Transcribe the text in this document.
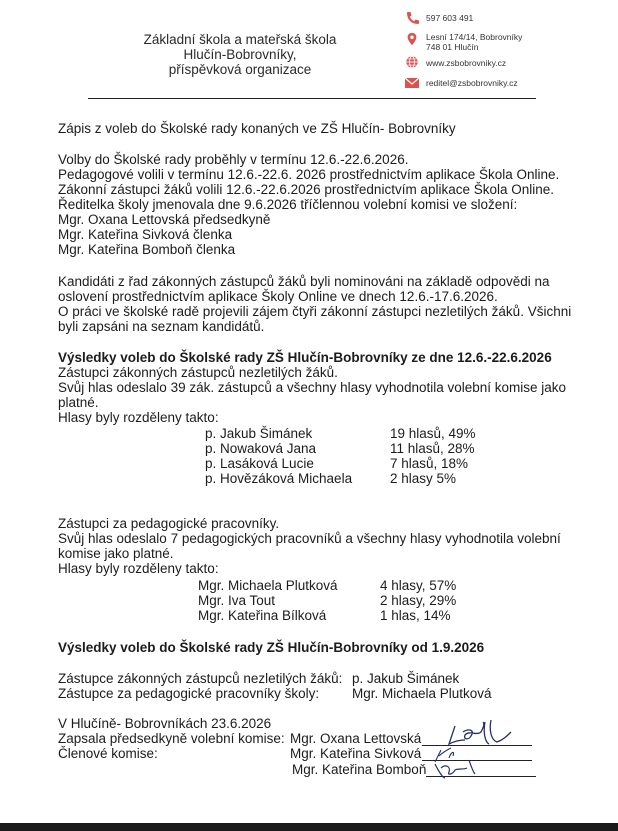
Základní škola a mateřská škola
Hlučín-Bobrovníky,
příspěvková organizace
597 603 491
Lesní 174/14, Bobrovníky
748 01 Hlučín
www.zsbobrovniky.cz
reditel@zsbobrovniky.cz
Zápis z voleb do Školské rady konaných ve ZŠ Hlučín- Bobrovníky
Volby do Školské rady proběhly v termínu 12.6.-22.6.2026.
Pedagogové volili v termínu 12.6.-22.6. 2026 prostřednictvím aplikace Škola Online.
Zákonní zástupci žáků volili 12.6.-22.6.2026 prostřednictvím aplikace Škola Online.
Ředitelka školy jmenovala dne 9.6.2026 tříčlennou volební komisi ve složení:
Mgr. Oxana Lettovská předsedkyně
Mgr. Kateřina Sivková členka
Mgr. Kateřina Bomboň členka
Kandidáti z řad zákonných zástupců žáků byli nominováni na základě odpovědi na
oslovení prostřednictvím aplikace Školy Online ve dnech 12.6.-17.6.2026.
O práci ve školské radě projevili zájem čtyři zákonní zástupci nezletilých žáků. Všichni
byli zapsáni na seznam kandidátů.
Výsledky voleb do Školské rady ZŠ Hlučín-Bobrovníky ze dne 12.6.-22.6.2026
Zástupci zákonných zástupců nezletilých žáků.
Svůj hlas odeslalo 39 zák. zástupců a všechny hlasy vyhodnotila volební komise jako
platné.
Hlasy byly rozděleny takto:
p. Jakub Šimánek	19 hlasů, 49%
p. Nowaková Jana	11 hlasů, 28%
p. Lasáková Lucie	7 hlasů, 18%
p. Hovězáková Michaela	2 hlasy 5%
Zástupci za pedagogické pracovníky.
Svůj hlas odeslalo 7 pedagogických pracovníků a všechny hlasy vyhodnotila volební
komise jako platné.
Hlasy byly rozděleny takto:
Mgr. Michaela Plutková	4 hlasy, 57%
Mgr. Iva Tout	2 hlasy, 29%
Mgr. Kateřina Bílková	1 hlas, 14%
Výsledky voleb do Školské rady ZŠ Hlučín-Bobrovníky od 1.9.2026
Zástupce zákonných zástupců nezletilých žáků: p. Jakub Šimánek
Zástupce za pedagogické pracovníky školy: Mgr. Michaela Plutková
V Hlučíně- Bobrovníkách 23.6.2026
Zapsala předsedkyně volební komise:
Členové komise:
Mgr. Oxana Lettovská
Mgr. Kateřina Sivková
Mgr. Kateřina Bomboň
